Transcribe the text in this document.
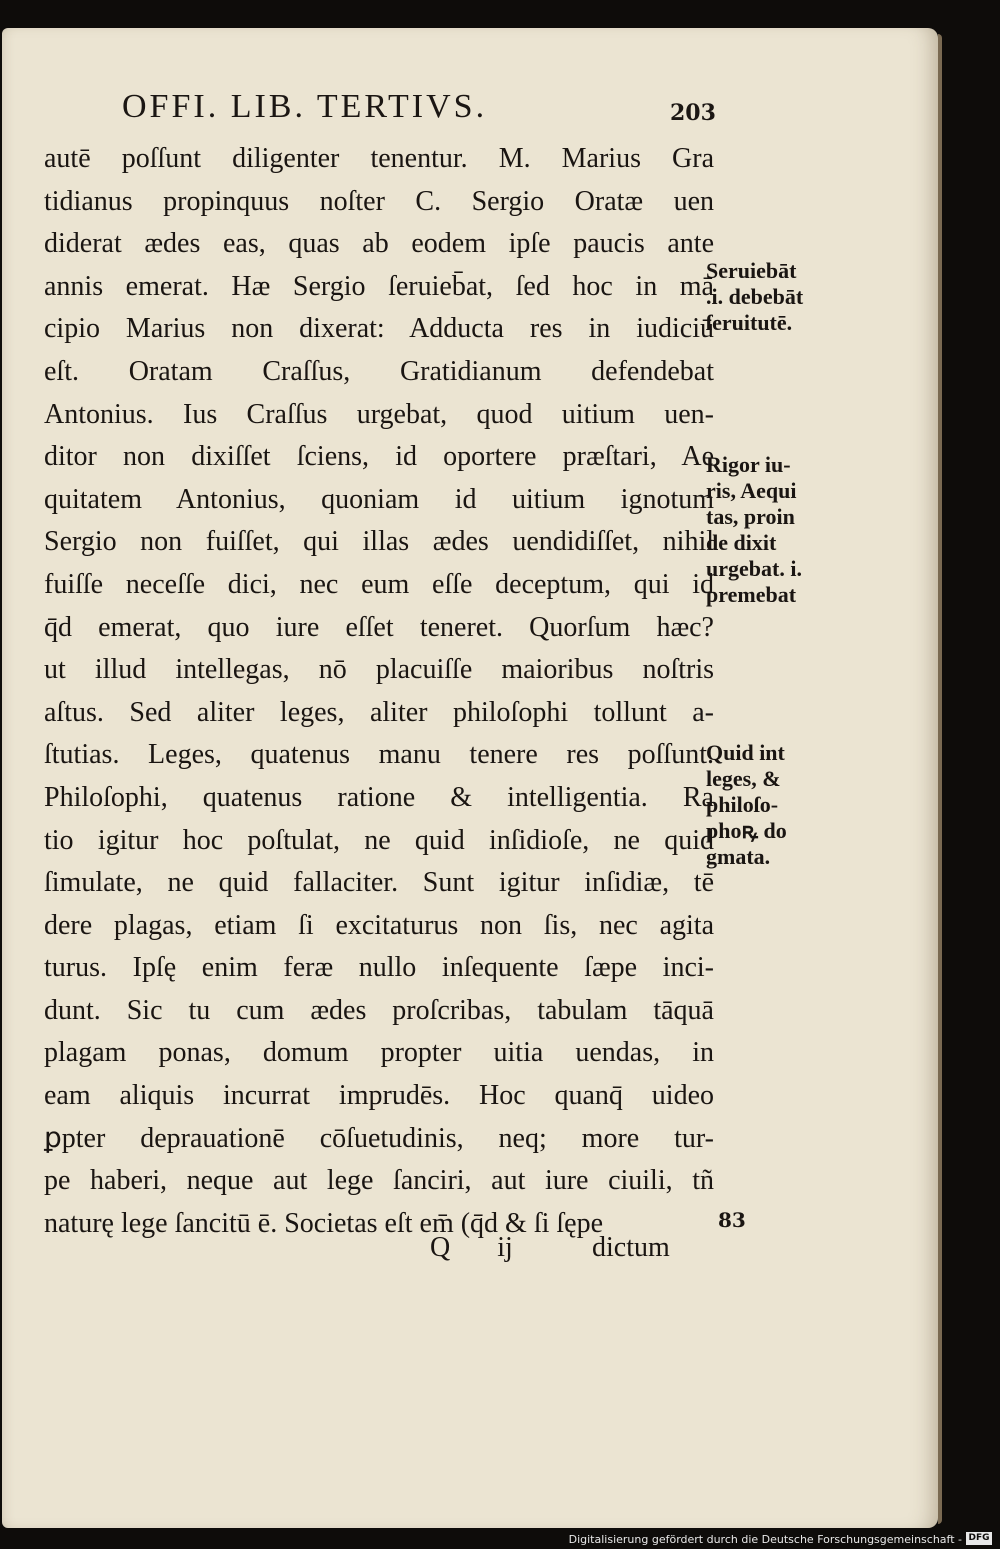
OFFI. LIB. TERTIVS.	203
autē poſſunt diligenter tenentur. M. Marius Gra
tidianus propinquus noſter C. Sergio Oratæ uen
diderat ædes eas, quas ab eodem ipſe paucis ante
annis emerat. Hæ Sergio ſeruieb̄at, ſed hoc in mā
cipio Marius non dixerat: Adducta res in iudiciū
eſt. Oratam Craſſus, Gratidianum defendebat
Antonius. Ius Craſſus urgebat, quod uitium uen-
ditor non dixiſſet ſciens, id oportere præſtari, Ae
quitatem Antonius, quoniam id uitium ignotum
Sergio non fuiſſet, qui illas ædes uendidiſſet, nihil
fuiſſe neceſſe dici, nec eum eſſe deceptum, qui id
q̄d emerat, quo iure eſſet teneret. Quorſum hæc?
ut illud intellegas, nō placuiſſe maioribus noſtris
aſtus. Sed aliter leges, aliter philoſophi tollunt a-
ſtutias. Leges, quatenus manu tenere res poſſunt.
Philoſophi, quatenus ratione & intelligentia. Ra
tio igitur hoc poſtulat, ne quid inſidioſe, ne quid
ſimulate, ne quid fallaciter. Sunt igitur inſidiæ, tē
dere plagas, etiam ſi excitaturus non ſis, nec agita
turus. Ipſę enim feræ nullo inſequente ſæpe inci-
dunt. Sic tu cum ædes proſcribas, tabulam tāquā
plagam ponas, domum propter uitia uendas, in
eam aliquis incurrat imprudēs. Hoc quanq̄ uideo
ꝑpter deprauationē cōſuetudinis, neq; more tur-
pe haberi, neque aut lege ſanciri, aut iure ciuili, tñ
naturę lege ſancitū ē. Societas eſt em̄ (q̄d & ſi ſępe
Seruiebāt
.i. debebāt
ſeruitutē.
Rigor iu-
ris, Aequi
tas, proin
de dixit
urgebat. i.
premebat
Quid int
leges, &
philoſo-
phoꝶ do
gmata.
83
Q ij	dictum
Digitalisierung gefördert durch die Deutsche Forschungsgemeinschaft - DFG
